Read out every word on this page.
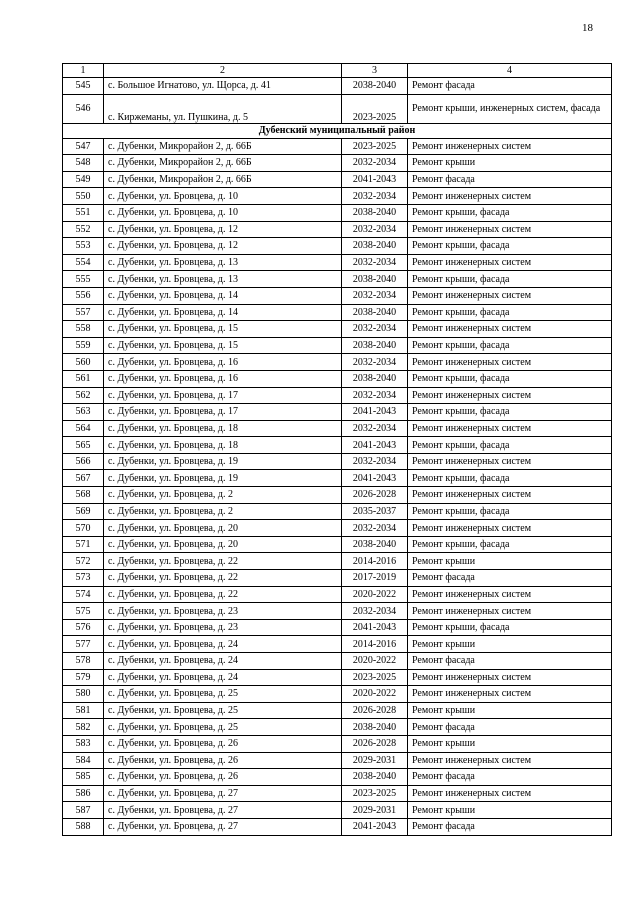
18
1	2	3	4
545	с. Большое Игнатово, ул. Щорса, д. 41	2038-2040	Ремонт фасада
546	с. Киржеманы, ул. Пушкина, д. 5	2023-2025	Ремонт крыши, инженерных систем, фасада
Дубенский муниципальный район			
547	с. Дубенки, Микрорайон 2, д. 66Б	2023-2025	Ремонт инженерных систем
548	с. Дубенки, Микрорайон 2, д. 66Б	2032-2034	Ремонт крыши
549	с. Дубенки, Микрорайон 2, д. 66Б	2041-2043	Ремонт фасада
550	с. Дубенки, ул. Бровцева, д. 10	2032-2034	Ремонт инженерных систем
551	с. Дубенки, ул. Бровцева, д. 10	2038-2040	Ремонт крыши, фасада
552	с. Дубенки, ул. Бровцева, д. 12	2032-2034	Ремонт инженерных систем
553	с. Дубенки, ул. Бровцева, д. 12	2038-2040	Ремонт крыши, фасада
554	с. Дубенки, ул. Бровцева, д. 13	2032-2034	Ремонт инженерных систем
555	с. Дубенки, ул. Бровцева, д. 13	2038-2040	Ремонт крыши, фасада
556	с. Дубенки, ул. Бровцева, д. 14	2032-2034	Ремонт инженерных систем
557	с. Дубенки, ул. Бровцева, д. 14	2038-2040	Ремонт крыши, фасада
558	с. Дубенки, ул. Бровцева, д. 15	2032-2034	Ремонт инженерных систем
559	с. Дубенки, ул. Бровцева, д. 15	2038-2040	Ремонт крыши, фасада
560	с. Дубенки, ул. Бровцева, д. 16	2032-2034	Ремонт инженерных систем
561	с. Дубенки, ул. Бровцева, д. 16	2038-2040	Ремонт крыши, фасада
562	с. Дубенки, ул. Бровцева, д. 17	2032-2034	Ремонт инженерных систем
563	с. Дубенки, ул. Бровцева, д. 17	2041-2043	Ремонт крыши, фасада
564	с. Дубенки, ул. Бровцева, д. 18	2032-2034	Ремонт инженерных систем
565	с. Дубенки, ул. Бровцева, д. 18	2041-2043	Ремонт крыши, фасада
566	с. Дубенки, ул. Бровцева, д. 19	2032-2034	Ремонт инженерных систем
567	с. Дубенки, ул. Бровцева, д. 19	2041-2043	Ремонт крыши, фасада
568	с. Дубенки, ул. Бровцева, д. 2	2026-2028	Ремонт инженерных систем
569	с. Дубенки, ул. Бровцева, д. 2	2035-2037	Ремонт крыши, фасада
570	с. Дубенки, ул. Бровцева, д. 20	2032-2034	Ремонт инженерных систем
571	с. Дубенки, ул. Бровцева, д. 20	2038-2040	Ремонт крыши, фасада
572	с. Дубенки, ул. Бровцева, д. 22	2014-2016	Ремонт крыши
573	с. Дубенки, ул. Бровцева, д. 22	2017-2019	Ремонт фасада
574	с. Дубенки, ул. Бровцева, д. 22	2020-2022	Ремонт инженерных систем
575	с. Дубенки, ул. Бровцева, д. 23	2032-2034	Ремонт инженерных систем
576	с. Дубенки, ул. Бровцева, д. 23	2041-2043	Ремонт крыши, фасада
577	с. Дубенки, ул. Бровцева, д. 24	2014-2016	Ремонт крыши
578	с. Дубенки, ул. Бровцева, д. 24	2020-2022	Ремонт фасада
579	с. Дубенки, ул. Бровцева, д. 24	2023-2025	Ремонт инженерных систем
580	с. Дубенки, ул. Бровцева, д. 25	2020-2022	Ремонт инженерных систем
581	с. Дубенки, ул. Бровцева, д. 25	2026-2028	Ремонт крыши
582	с. Дубенки, ул. Бровцева, д. 25	2038-2040	Ремонт фасада
583	с. Дубенки, ул. Бровцева, д. 26	2026-2028	Ремонт крыши
584	с. Дубенки, ул. Бровцева, д. 26	2029-2031	Ремонт инженерных систем
585	с. Дубенки, ул. Бровцева, д. 26	2038-2040	Ремонт фасада
586	с. Дубенки, ул. Бровцева, д. 27	2023-2025	Ремонт инженерных систем
587	с. Дубенки, ул. Бровцева, д. 27	2029-2031	Ремонт крыши
588	с. Дубенки, ул. Бровцева, д. 27	2041-2043	Ремонт фасада
